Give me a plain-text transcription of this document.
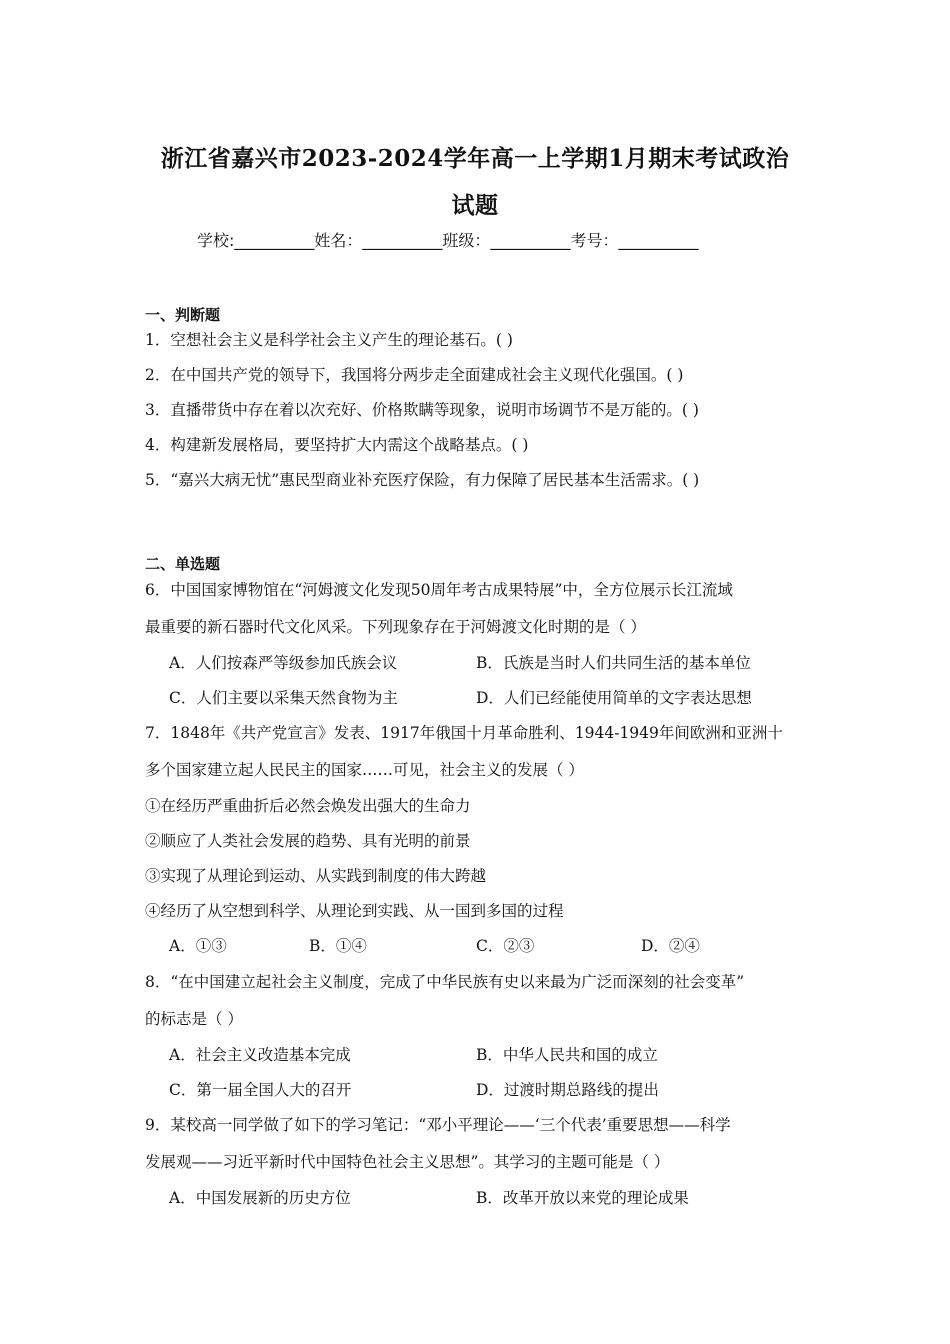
浙江省嘉兴市2023-2024学年高一上学期1月期末考试政治
试题
学校:__________姓名：__________班级：__________考号：__________
一、判断题
1．空想社会主义是科学社会主义产生的理论基石。( )
2．在中国共产党的领导下，我国将分两步走全面建成社会主义现代化强国。( )
3．直播带货中存在着以次充好、价格欺瞒等现象，说明市场调节不是万能的。( )
4．构建新发展格局，要坚持扩大内需这个战略基点。( )
5．“嘉兴大病无忧”惠民型商业补充医疗保险，有力保障了居民基本生活需求。( )
二、单选题
6．中国国家博物馆在“河姆渡文化发现50周年考古成果特展”中，全方位展示长江流域
最重要的新石器时代文化风采。下列现象存在于河姆渡文化时期的是（ ）
A．人们按森严等级参加氏族会议	B．氏族是当时人们共同生活的基本单位
C．人们主要以采集天然食物为主	D．人们已经能使用简单的文字表达思想
7．1848年《共产党宣言》发表、1917年俄国十月革命胜利、1944-1949年间欧洲和亚洲十
多个国家建立起人民民主的国家……可见，社会主义的发展（ ）
①在经历严重曲折后必然会焕发出强大的生命力
②顺应了人类社会发展的趋势、具有光明的前景
③实现了从理论到运动、从实践到制度的伟大跨越
④经历了从空想到科学、从理论到实践、从一国到多国的过程
A．①③	B．①④	C．②③	D．②④
8．“在中国建立起社会主义制度，完成了中华民族有史以来最为广泛而深刻的社会变革”
的标志是（ ）
A．社会主义改造基本完成	B．中华人民共和国的成立
C．第一届全国人大的召开	D．过渡时期总路线的提出
9．某校高一同学做了如下的学习笔记：“邓小平理论——‘三个代表’重要思想——科学
发展观——习近平新时代中国特色社会主义思想”。其学习的主题可能是（ ）
A．中国发展新的历史方位	B．改革开放以来党的理论成果
